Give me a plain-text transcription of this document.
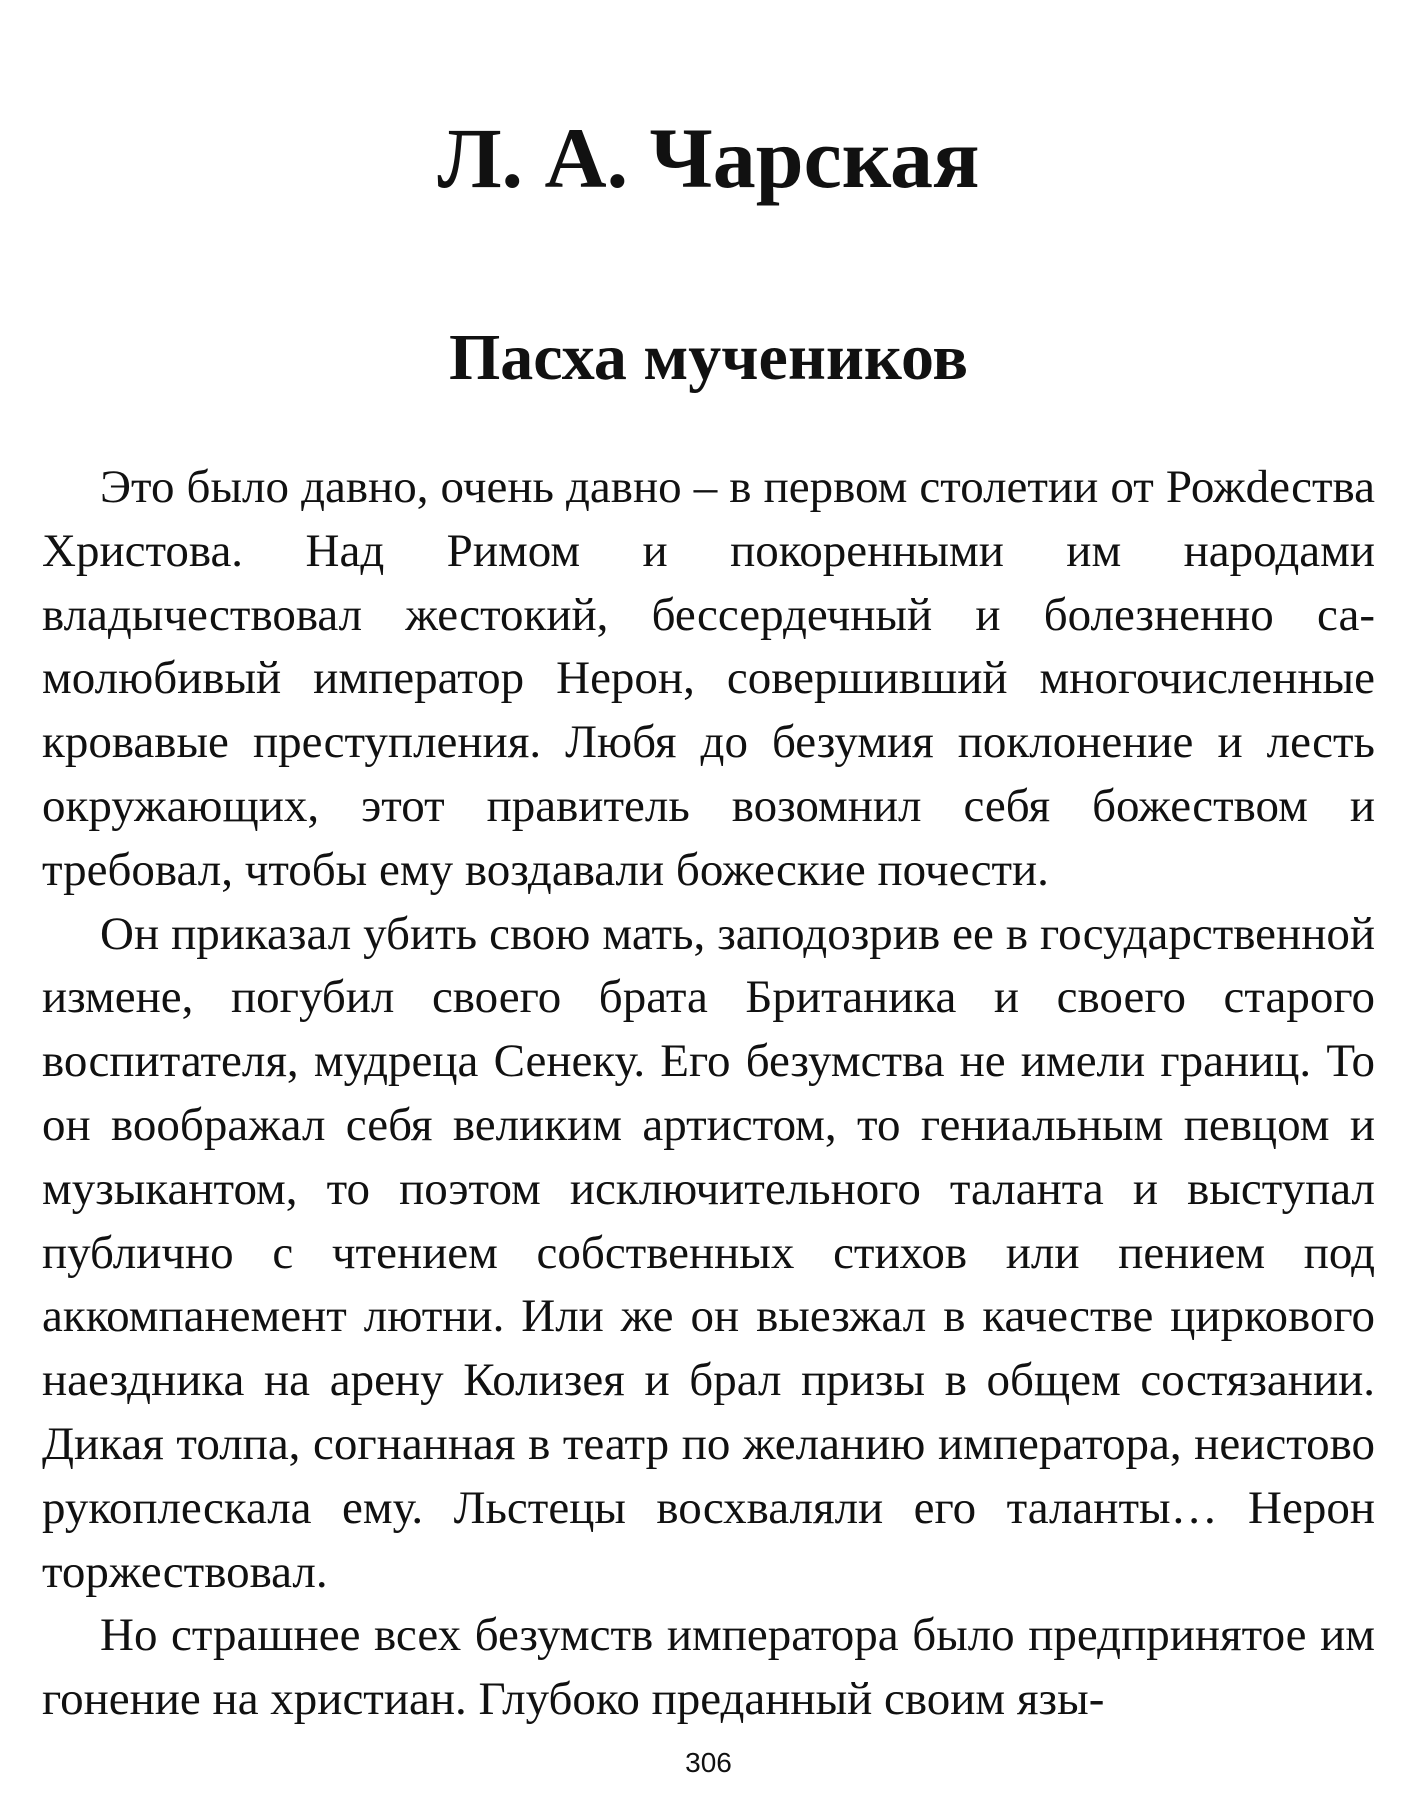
Л. А. Чарская
Пасха мучеников

Это было давно, очень давно – в первом столетии от Рожdества Христова. Над Римом и покоренными им народами владычествовал жестокий, бессердечный и болезненно самолюбивый император Нерон, совершивший многочисленные кровавые преступления. Любя до безумия поклонение и лесть окружающих, этот правитель возомнил себя божеством и требовал, чтобы ему воздавали божеские почести.

Он приказал убить свою мать, заподозрив ее в государственной измене, погубил своего брата Британика и своего старого воспитателя, мудреца Сенеку. Его безумства не имели границ. То он воображал себя великим артистом, то гениальным певцом и музыкантом, то поэтом исключительного таланта и выступал публично с чтением собственных стихов или пением под аккомпанемент лютни. Или же он выезжал в качестве циркового наездника на арену Колизея и брал призы в общем состязании. Дикая толпа, согнанная в театр по желанию императора, неистово рукоплескала ему. Льстецы восхваляли его таланты… Нерон торжествовал.

Но страшнее всех безумств императора было предпринятое им гонение на христиан. Глубоко преданный своим язы-

306
